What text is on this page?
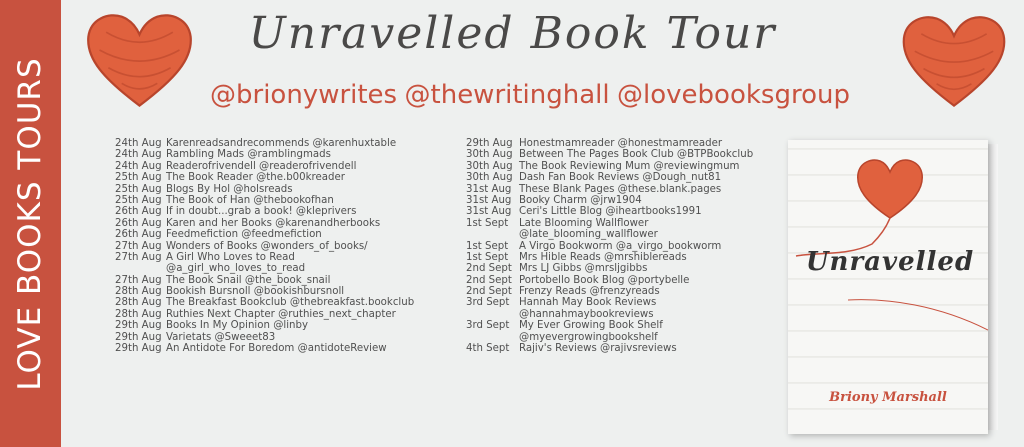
LOVE BOOKS TOURS
Unravelled Book Tour
@brionywrites @thewritinghall @lovebooksgroup
24th Aug Karenreadsandrecommends @karenhuxtable
24th Aug Rambling Mads @ramblingmads
24th Aug Readerofrivendell @readerofrivendell
25th Aug The Book Reader @the.b00kreader
25th Aug Blogs By Hol @holsreads
25th Aug The Book of Han @thebookofhan
26th Aug If in doubt...grab a book! @kleprivers
26th Aug Karen and her Books @karenandherbooks
26th Aug Feedmefiction @feedmefiction
27th Aug Wonders of Books @wonders_of_books/
27th Aug A Girl Who Loves to Read
@a_girl_who_loves_to_read
27th Aug The Book Snail @the_book_snail
28th Aug Bookish Bursnoll @bookishbursnoll
28th Aug The Breakfast Bookclub @thebreakfast.bookclub
28th Aug Ruthies Next Chapter @ruthies_next_chapter
29th Aug Books In My Opinion @linby
29th Aug Varietats @Sweeet83
29th Aug An Antidote For Boredom @antidoteReview
29th Aug Honestmamreader @honestmamreader
30th Aug Between The Pages Book Club @BTPBookclub
30th Aug The Book Reviewing Mum @reviewingmum
30th Aug Dash Fan Book Reviews @Dough_nut81
31st Aug These Blank Pages @these.blank.pages
31st Aug Booky Charm @jrw1904
31st Aug Ceri's Little Blog @iheartbooks1991
1st Sept Late Blooming Wallflower
@late_blooming_wallflower
1st Sept A Virgo Bookworm @a_virgo_bookworm
1st Sept Mrs Hible Reads @mrshiblereads
2nd Sept Mrs LJ Gibbs @mrsljgibbs
2nd Sept Portobello Book Blog @portybelle
2nd Sept Frenzy Reads @frenzyreads
3rd Sept Hannah May Book Reviews
@hannahmaybookreviews
3rd Sept My Ever Growing Book Shelf
@myevergrowingbookshelf
4th Sept Rajiv's Reviews @rajivsreviews
Unravelled
Briony Marshall
